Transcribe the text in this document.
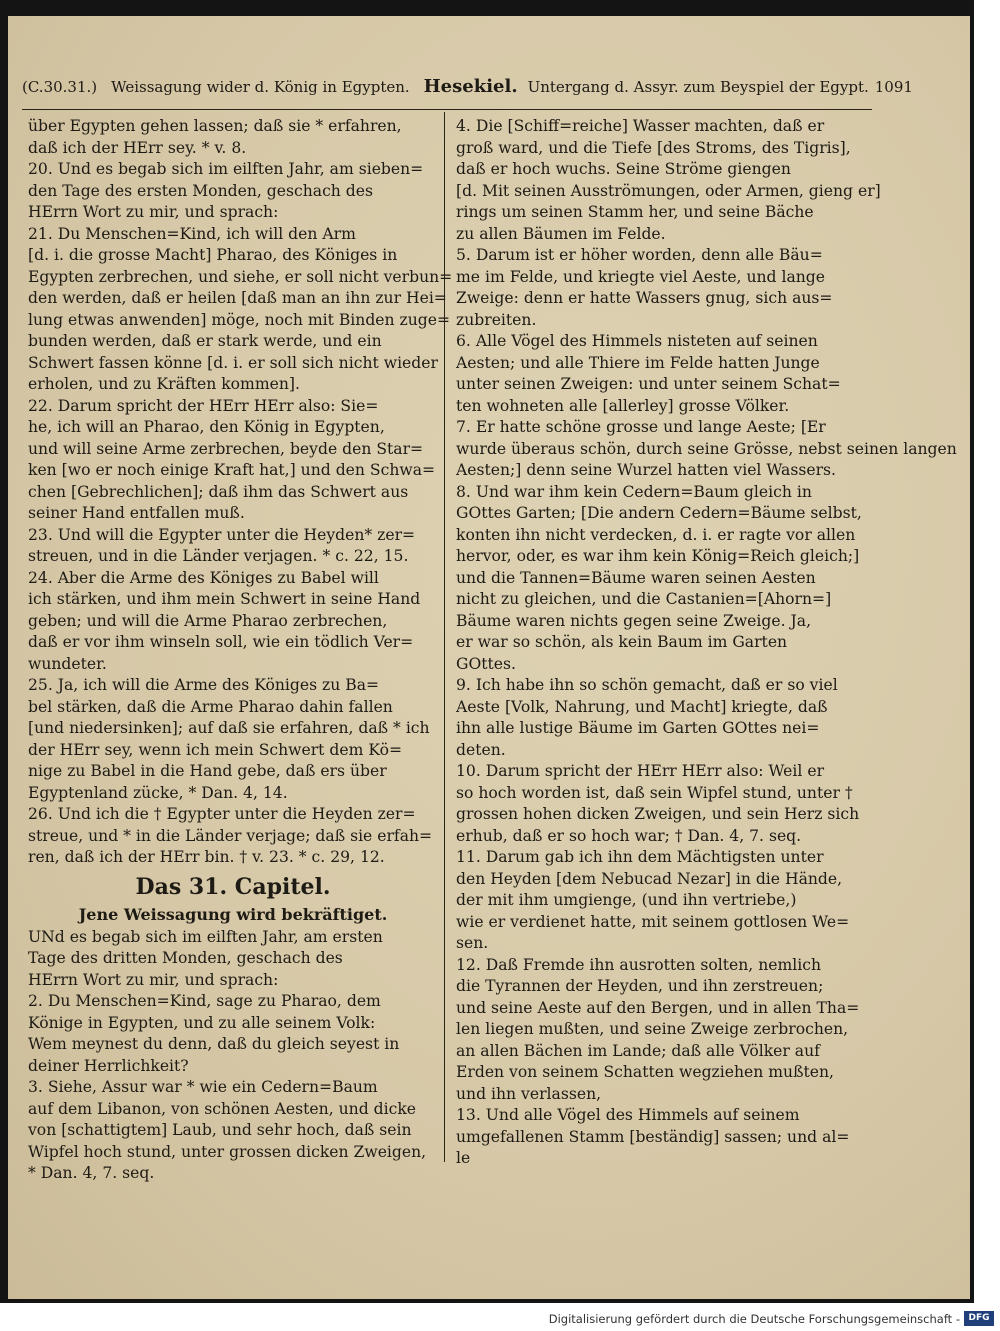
(C.30.31.) Weissagung wider d. König in Egypten. Hesekiel. Untergang d. Assyr. zum Beyspiel der Egypt. 1091
über Egypten gehen lassen; daß sie * erfahren,
daß ich der HErr sey. * v. 8.
20. Und es begab sich im eilften Jahr, am sieben=
den Tage des ersten Monden, geschach des
HErrn Wort zu mir, und sprach:
21. Du Menschen=Kind, ich will den Arm
[d. i. die grosse Macht] Pharao, des Königes in
Egypten zerbrechen, und siehe, er soll nicht verbun=
den werden, daß er heilen [daß man an ihn zur Hei=
lung etwas anwenden] möge, noch mit Binden zuge=
bunden werden, daß er stark werde, und ein
Schwert fassen könne [d. i. er soll sich nicht wieder
erholen, und zu Kräften kommen].
22. Darum spricht der HErr HErr also: Sie=
he, ich will an Pharao, den König in Egypten,
und will seine Arme zerbrechen, beyde den Star=
ken [wo er noch einige Kraft hat,] und den Schwa=
chen [Gebrechlichen]; daß ihm das Schwert aus
seiner Hand entfallen muß.
23. Und will die Egypter unter die Heyden* zer=
streuen, und in die Länder verjagen. * c. 22, 15.
24. Aber die Arme des Königes zu Babel will
ich stärken, und ihm mein Schwert in seine Hand
geben; und will die Arme Pharao zerbrechen,
daß er vor ihm winseln soll, wie ein tödlich Ver=
wundeter.
25. Ja, ich will die Arme des Königes zu Ba=
bel stärken, daß die Arme Pharao dahin fallen
[und niedersinken]; auf daß sie erfahren, daß * ich
der HErr sey, wenn ich mein Schwert dem Kö=
nige zu Babel in die Hand gebe, daß ers über
Egyptenland zücke, * Dan. 4, 14.
26. Und ich die † Egypter unter die Heyden zer=
streue, und * in die Länder verjage; daß sie erfah=
ren, daß ich der HErr bin. † v. 23. * c. 29, 12.
Das 31. Capitel.
Jene Weissagung wird bekräftiget.
UNd es begab sich im eilften Jahr, am ersten
Tage des dritten Monden, geschach des
HErrn Wort zu mir, und sprach:
2. Du Menschen=Kind, sage zu Pharao, dem
Könige in Egypten, und zu alle seinem Volk:
Wem meynest du denn, daß du gleich seyest in
deiner Herrlichkeit?
3. Siehe, Assur war * wie ein Cedern=Baum
auf dem Libanon, von schönen Aesten, und dicke
von [schattigtem] Laub, und sehr hoch, daß sein
Wipfel hoch stund, unter grossen dicken Zweigen,
* Dan. 4, 7. seq.
4. Die [Schiff=reiche] Wasser machten, daß er
groß ward, und die Tiefe [des Stroms, des Tigris],
daß er hoch wuchs. Seine Ströme giengen
[d. Mit seinen Ausströmungen, oder Armen, gieng er]
rings um seinen Stamm her, und seine Bäche
zu allen Bäumen im Felde.
5. Darum ist er höher worden, denn alle Bäu=
me im Felde, und kriegte viel Aeste, und lange
Zweige: denn er hatte Wassers gnug, sich aus=
zubreiten.
6. Alle Vögel des Himmels nisteten auf seinen
Aesten; und alle Thiere im Felde hatten Junge
unter seinen Zweigen: und unter seinem Schat=
ten wohneten alle [allerley] grosse Völker.
7. Er hatte schöne grosse und lange Aeste; [Er
wurde überaus schön, durch seine Grösse, nebst seinen langen
Aesten;] denn seine Wurzel hatten viel Wassers.
8. Und war ihm kein Cedern=Baum gleich in
GOttes Garten; [Die andern Cedern=Bäume selbst,
konten ihn nicht verdecken, d. i. er ragte vor allen
hervor, oder, es war ihm kein König=Reich gleich;]
und die Tannen=Bäume waren seinen Aesten
nicht zu gleichen, und die Castanien=[Ahorn=]
Bäume waren nichts gegen seine Zweige. Ja,
er war so schön, als kein Baum im Garten
GOttes.
9. Ich habe ihn so schön gemacht, daß er so viel
Aeste [Volk, Nahrung, und Macht] kriegte, daß
ihn alle lustige Bäume im Garten GOttes nei=
deten.
10. Darum spricht der HErr HErr also: Weil er
so hoch worden ist, daß sein Wipfel stund, unter †
grossen hohen dicken Zweigen, und sein Herz sich
erhub, daß er so hoch war; † Dan. 4, 7. seq.
11. Darum gab ich ihn dem Mächtigsten unter
den Heyden [dem Nebucad Nezar] in die Hände,
der mit ihm umgienge, (und ihn vertriebe,)
wie er verdienet hatte, mit seinem gottlosen We=
sen.
12. Daß Fremde ihn ausrotten solten, nemlich
die Tyrannen der Heyden, und ihn zerstreuen;
und seine Aeste auf den Bergen, und in allen Tha=
len liegen mußten, und seine Zweige zerbrochen,
an allen Bächen im Lande; daß alle Völker auf
Erden von seinem Schatten wegziehen mußten,
und ihn verlassen,
13. Und alle Vögel des Himmels auf seinem
umgefallenen Stamm [beständig] sassen; und al=
le
Digitalisierung gefördert durch die Deutsche Forschungsgemeinschaft - DFG
